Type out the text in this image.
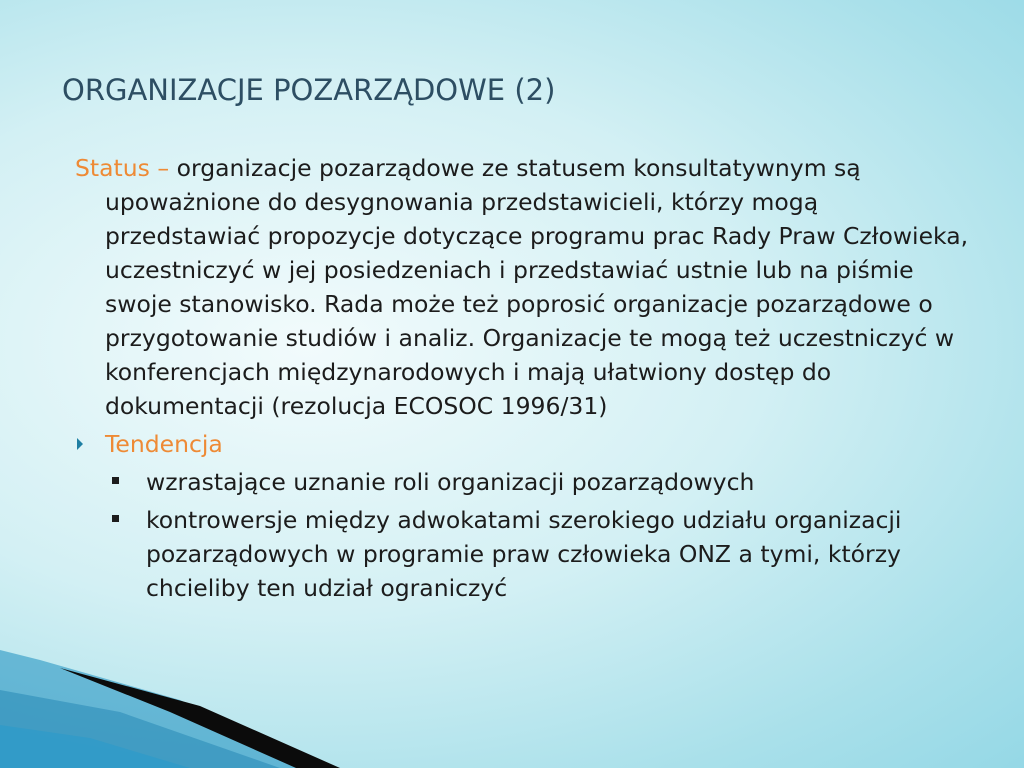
ORGANIZACJE POZARZĄDOWE (2)
Status – organizacje pozarządowe ze statusem konsultatywnym są upoważnione do desygnowania przedstawicieli, którzy mogą przedstawiać propozycje dotyczące programu prac Rady Praw Człowieka, uczestniczyć w jej posiedzeniach i przedstawiać ustnie lub na piśmie swoje stanowisko. Rada może też poprosić organizacje pozarządowe o przygotowanie studiów i analiz. Organizacje te mogą też uczestniczyć w konferencjach międzynarodowych i mają ułatwiony dostęp do dokumentacji (rezolucja ECOSOC 1996/31)
Tendencja
wzrastające uznanie roli organizacji pozarządowych
kontrowersje między adwokatami szerokiego udziału organizacji pozarządowych w programie praw człowieka ONZ a tymi, którzy chcieliby ten udział ograniczyć
